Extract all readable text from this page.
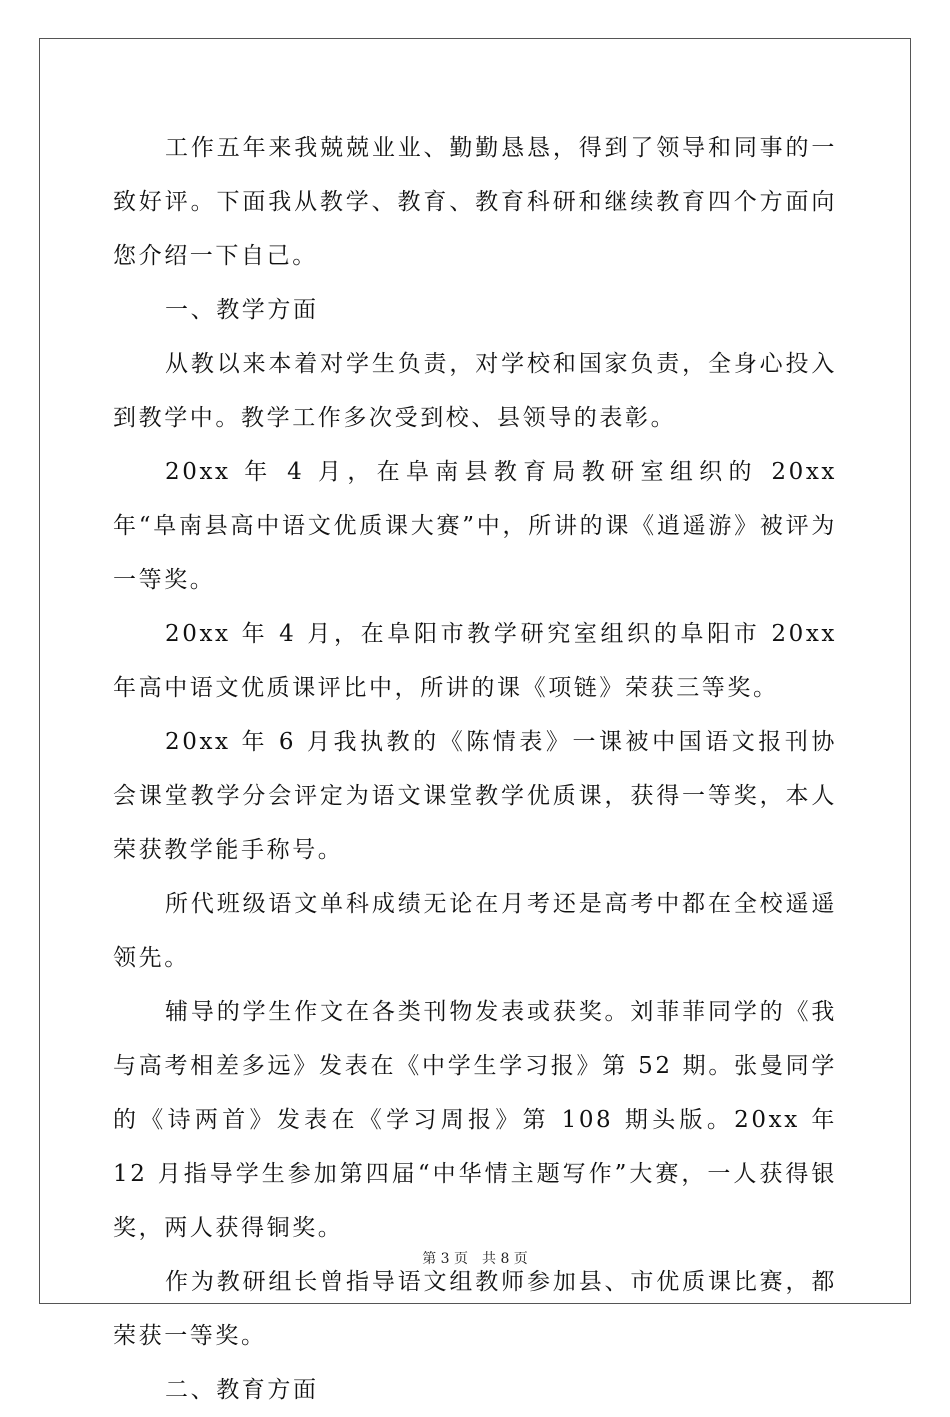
工作五年来我兢兢业业、勤勤恳恳，得到了领导和同事的一致好评。下面我从教学、教育、教育科研和继续教育四个方面向您介绍一下自己。

一、教学方面

从教以来本着对学生负责，对学校和国家负责，全身心投入到教学中。教学工作多次受到校、县领导的表彰。

20xx 年 4 月，在阜南县教育局教研室组织的 20xx 年“阜南县高中语文优质课大赛”中，所讲的课《逍遥游》被评为一等奖。

20xx 年 4 月，在阜阳市教学研究室组织的阜阳市 20xx 年高中语文优质课评比中，所讲的课《项链》荣获三等奖。

20xx 年 6 月我执教的《陈情表》一课被中国语文报刊协会课堂教学分会评定为语文课堂教学优质课，获得一等奖，本人荣获教学能手称号。

所代班级语文单科成绩无论在月考还是高考中都在全校遥遥领先。

辅导的学生作文在各类刊物发表或获奖。刘菲菲同学的《我与高考相差多远》发表在《中学生学习报》第 52 期。张曼同学的《诗两首》发表在《学习周报》第 108 期头版。20xx 年 12 月指导学生参加第四届“中华情主题写作”大赛，一人获得银奖，两人获得铜奖。

作为教研组长曾指导语文组教师参加县、市优质课比赛，都荣获一等奖。

二、教育方面

第 3 页 共 8 页
